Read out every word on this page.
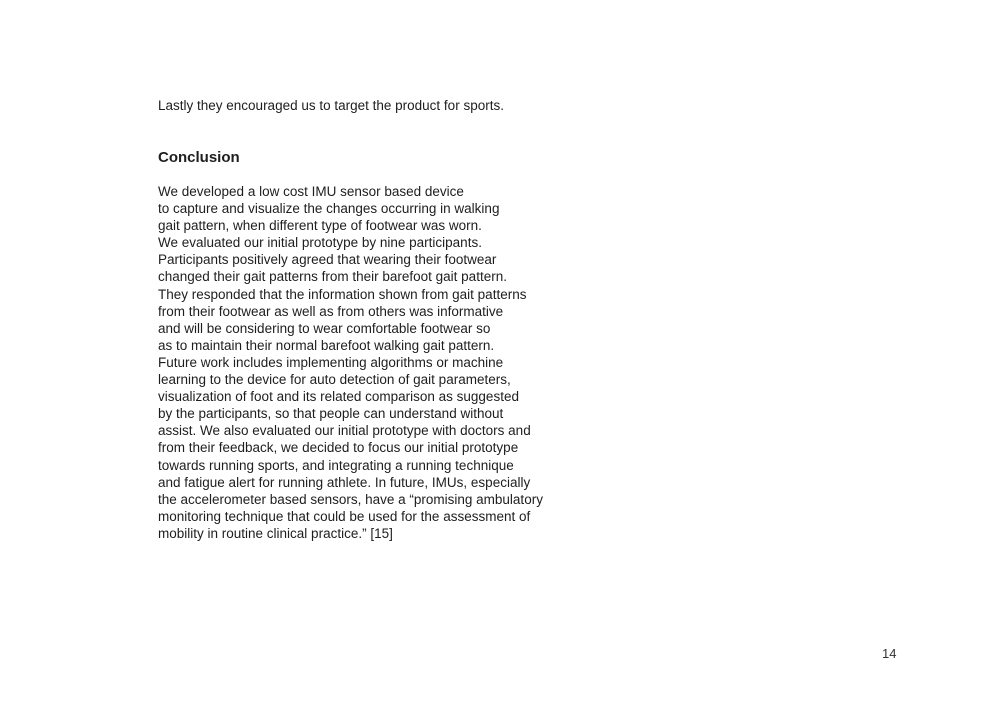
Lastly they encouraged us to target the product for sports.
Conclusion
We developed a low cost IMU sensor based device
to capture and visualize the changes occurring in walking
gait pattern, when different type of footwear was worn.
We evaluated our initial prototype by nine participants.
Participants positively agreed that wearing their footwear
changed their gait patterns from their barefoot gait pattern.
They responded that the information shown from gait patterns
from their footwear as well as from others was informative
and will be considering to wear comfortable footwear so
as to maintain their normal barefoot walking gait pattern.
Future work includes implementing algorithms or machine
learning to the device for auto detection of gait parameters,
visualization of foot and its related comparison as suggested
by the participants, so that people can understand without
assist. We also evaluated our initial prototype with doctors and
from their feedback, we decided to focus our initial prototype
towards running sports, and integrating a running technique
and fatigue alert for running athlete. In future, IMUs, especially
the accelerometer based sensors, have a “promising ambulatory
monitoring technique that could be used for the assessment of
mobility in routine clinical practice.” [15]
14
